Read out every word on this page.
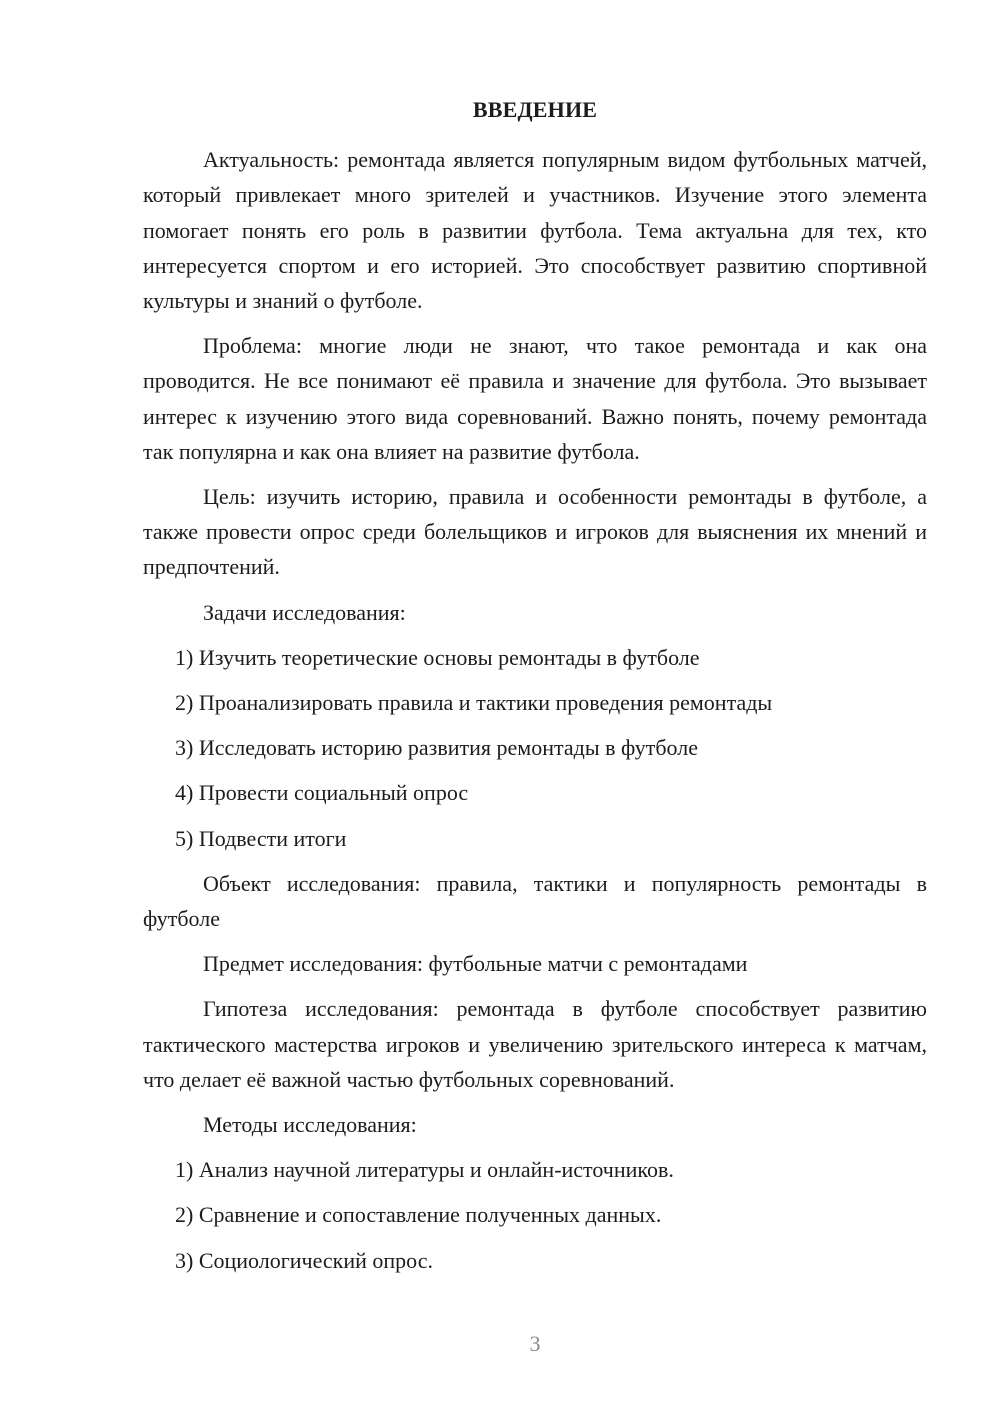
ВВЕДЕНИЕ

Актуальность: ремонтада является популярным видом футбольных матчей, который привлекает много зрителей и участников. Изучение этого элемента помогает понять его роль в развитии футбола. Тема актуальна для тех, кто интересуется спортом и его историей. Это способствует развитию спортивной культуры и знаний о футболе.

Проблема: многие люди не знают, что такое ремонтада и как она проводится. Не все понимают её правила и значение для футбола. Это вызывает интерес к изучению этого вида соревнований. Важно понять, почему ремонтада так популярна и как она влияет на развитие футбола.

Цель: изучить историю, правила и особенности ремонтады в футболе, а также провести опрос среди болельщиков и игроков для выяснения их мнений и предпочтений.

Задачи исследования:

1) Изучить теоретические основы ремонтады в футболе

2) Проанализировать правила и тактики проведения ремонтады

3) Исследовать историю развития ремонтады в футболе

4) Провести социальный опрос

5) Подвести итоги

Объект исследования: правила, тактики и популярность ремонтады в футболе

Предмет исследования: футбольные матчи с ремонтадами

Гипотеза исследования: ремонтада в футболе способствует развитию тактического мастерства игроков и увеличению зрительского интереса к матчам, что делает её важной частью футбольных соревнований.

Методы исследования:

1) Анализ научной литературы и онлайн-источников.

2) Сравнение и сопоставление полученных данных.

3) Социологический опрос.

3
